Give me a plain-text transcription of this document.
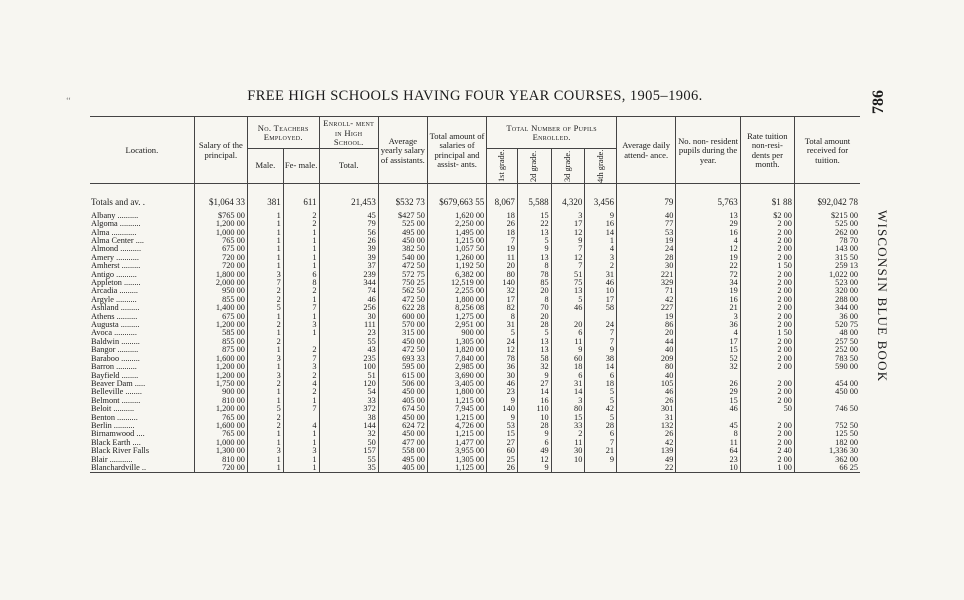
‘‘	FREE HIGH SCHOOLS HAVING FOUR YEAR COURSES, 1905–1906.	786
WISCONSIN BLUE BOOK
Location.	Salary of the principal.	No. Teachers Employed.		Enroll- ment in High School.	Average yearly salary of assistants.	Total amount of salaries of principal and assist- ants.	Total Number of Pupils Enrolled.				Average daily attend- ance.	No. non- resident pupils during the year.	Rate tuition non-resi- dents per month.	Total amount received for tuition.
		Male.	Fe- male.	Total.			1st grade.	2d grade.	3d grade.	4th grade.				

Totals and av. .	$1,064 33	381	611	21,453	$532 73	$679,663 55	8,067	5,588	4,320	3,456	79	5,763	$1 88	$92,042 78

Albany ..........	$765 00	1	2	45	$427 50	1,620 00	18	15	3	9	40	13	$2 00	$215 00
Algoma ..........	1,200 00	1	2	79	525 00	2,250 00	26	22	17	16	77	29	2 00	525 00
Alma ............	1,000 00	1	1	56	495 00	1,495 00	18	13	12	14	53	16	2 00	262 00
Alma Center ....	765 00	1	1	26	450 00	1,215 00	7	5	9	1	19	4	2 00	78 70
Almond ..........	675 00	1	1	39	382 50	1,057 50	19	9	7	4	24	12	2 00	143 00
Amery ...........	720 00	1	1	39	540 00	1,260 00	11	13	12	3	28	19	2 00	315 50
Amherst .........	720 00	1	1	37	472 50	1,192 50	20	8	7	2	30	22	1 50	259 13
Antigo ..........	1,800 00	3	6	239	572 75	6,382 00	80	78	51	31	221	72	2 00	1,022 00
Appleton ........	2,000 00	7	8	344	750 25	12,519 00	140	85	75	46	329	34	2 00	523 00
Arcadia .........	950 00	2	2	74	562 50	2,255 00	32	20	13	10	71	19	2 00	320 00
Argyle ..........	855 00	2	1	46	472 50	1,800 00	17	8	5	17	42	16	2 00	288 00
Ashland .........	1,400 00	5	7	256	622 28	8,256 08	82	70	46	58	227	21	2 00	344 00
Athens ..........	675 00	1	1	30	600 00	1,275 00	8	20			19	3	2 00	36 00
Augusta .........	1,200 00	2	3	111	570 00	2,951 00	31	28	20	24	86	36	2 00	520 75
Avoca ...........	585 00	1	1	23	315 00	900 00	5	5	6	7	20	4	1 50	48 00
Baldwin .........	855 00	2		55	450 00	1,305 00	24	13	11	7	44	17	2 00	257 50
Bangor ..........	875 00	1	2	43	472 50	1,820 00	12	13	9	9	40	15	2 00	252 00
Baraboo .........	1,600 00	3	7	235	693 33	7,840 00	78	58	60	38	209	52	2 00	783 50
Barron ..........	1,200 00	1	3	100	595 00	2,985 00	36	32	18	14	80	32	2 00	590 00
Bayfield ........	1,200 00	3	2	51	615 00	3,690 00	30	9	6	6	40			
Beaver Dam .....	1,750 00	2	4	120	506 00	3,405 00	46	27	31	18	105	26	2 00	454 00
Belleville ........	900 00	1	2	54	450 00	1,800 00	23	14	14	5	46	29	2 00	450 00
Belmont .........	810 00	1	1	33	405 00	1,215 00	9	16	3	5	26	15	2 00	
Beloit ..........	1,200 00	5	7	372	674 50	7,945 00	140	110	80	42	301	46	50	746 50
Benton ..........	765 00	2		38	450 00	1,215 00	9	10	15	5	31			
Berlin ..........	1,600 00	2	4	144	624 72	4,726 00	53	28	33	28	132	45	2 00	752 50
Birnamwood ....	765 00	1	1	32	450 00	1,215 00	15	9	2	6	26	8	2 00	125 50
Black Earth ....	1,000 00	1	1	50	477 00	1,477 00	27	6	11	7	42	11	2 00	182 00
Black River Falls	1,300 00	3	3	157	558 00	3,955 00	60	49	30	21	139	64	2 40	1,336 30
Blair ...........	810 00	1	1	55	495 00	1,305 00	25	12	10	9	49	23	2 00	362 00
Blanchardville ..	720 00	1	1	35	405 00	1,125 00	26	9			22	10	1 00	66 25
